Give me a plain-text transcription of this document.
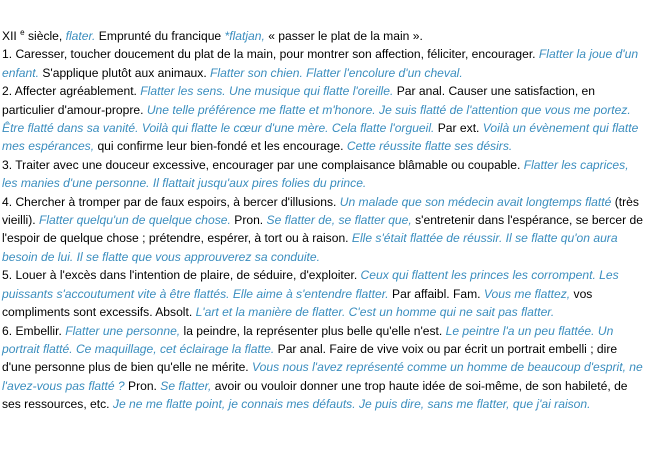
XII $^e$ siècle, flater. Emprunté du francique *flatjan, « passer le plat de la main ».

1. Caresser, toucher doucement du plat de la main, pour montrer son affection, féliciter, encourager. Flatter la joue d'un enfant. S'applique plutôt aux animaux. Flatter son chien. Flatter l'encolure d'un cheval.

2. Affecter agréablement. Flatter les sens. Une musique qui flatte l'oreille. Par anal. Causer une satisfaction, en particulier d'amour-propre. Une telle préférence me flatte et m'honore. Je suis flatté de l'attention que vous me portez. Être flatté dans sa vanité. Voilà qui flatte le cœur d'une mère. Cela flatte l'orgueil. Par ext. Voilà un évènement qui flatte mes espérances, qui confirme leur bien-fondé et les encourage. Cette réussite flatte ses désirs.

3. Traiter avec une douceur excessive, encourager par une complaisance blâmable ou coupable. Flatter les caprices, les manies d'une personne. Il flattait jusqu'aux pires folies du prince.

4. Chercher à tromper par de faux espoirs, à bercer d'illusions. Un malade que son médecin avait longtemps flatté (très vieilli). Flatter quelqu'un de quelque chose. Pron. Se flatter de, se flatter que, s'entretenir dans l'espérance, se bercer de l'espoir de quelque chose ; prétendre, espérer, à tort ou à raison. Elle s'était flattée de réussir. Il se flatte qu'on aura besoin de lui. Il se flatte que vous approuverez sa conduite.

5. Louer à l'excès dans l'intention de plaire, de séduire, d'exploiter. Ceux qui flattent les princes les corrompent. Les puissants s'accoutument vite à être flattés. Elle aime à s'entendre flatter. Par affaibl. Fam. Vous me flattez, vos compliments sont excessifs. Absolt. L'art et la manière de flatter. C'est un homme qui ne sait pas flatter.

6. Embellir. Flatter une personne, la peindre, la représenter plus belle qu'elle n'est. Le peintre l'a un peu flattée. Un portrait flatté. Ce maquillage, cet éclairage la flatte. Par anal. Faire de vive voix ou par écrit un portrait embelli ; dire d'une personne plus de bien qu'elle ne mérite. Vous nous l'avez représenté comme un homme de beaucoup d'esprit, ne l'avez-vous pas flatté ? Pron. Se flatter, avoir ou vouloir donner une trop haute idée de soi-même, de son habileté, de ses ressources, etc. Je ne me flatte point, je connais mes défauts. Je puis dire, sans me flatter, que j'ai raison.
